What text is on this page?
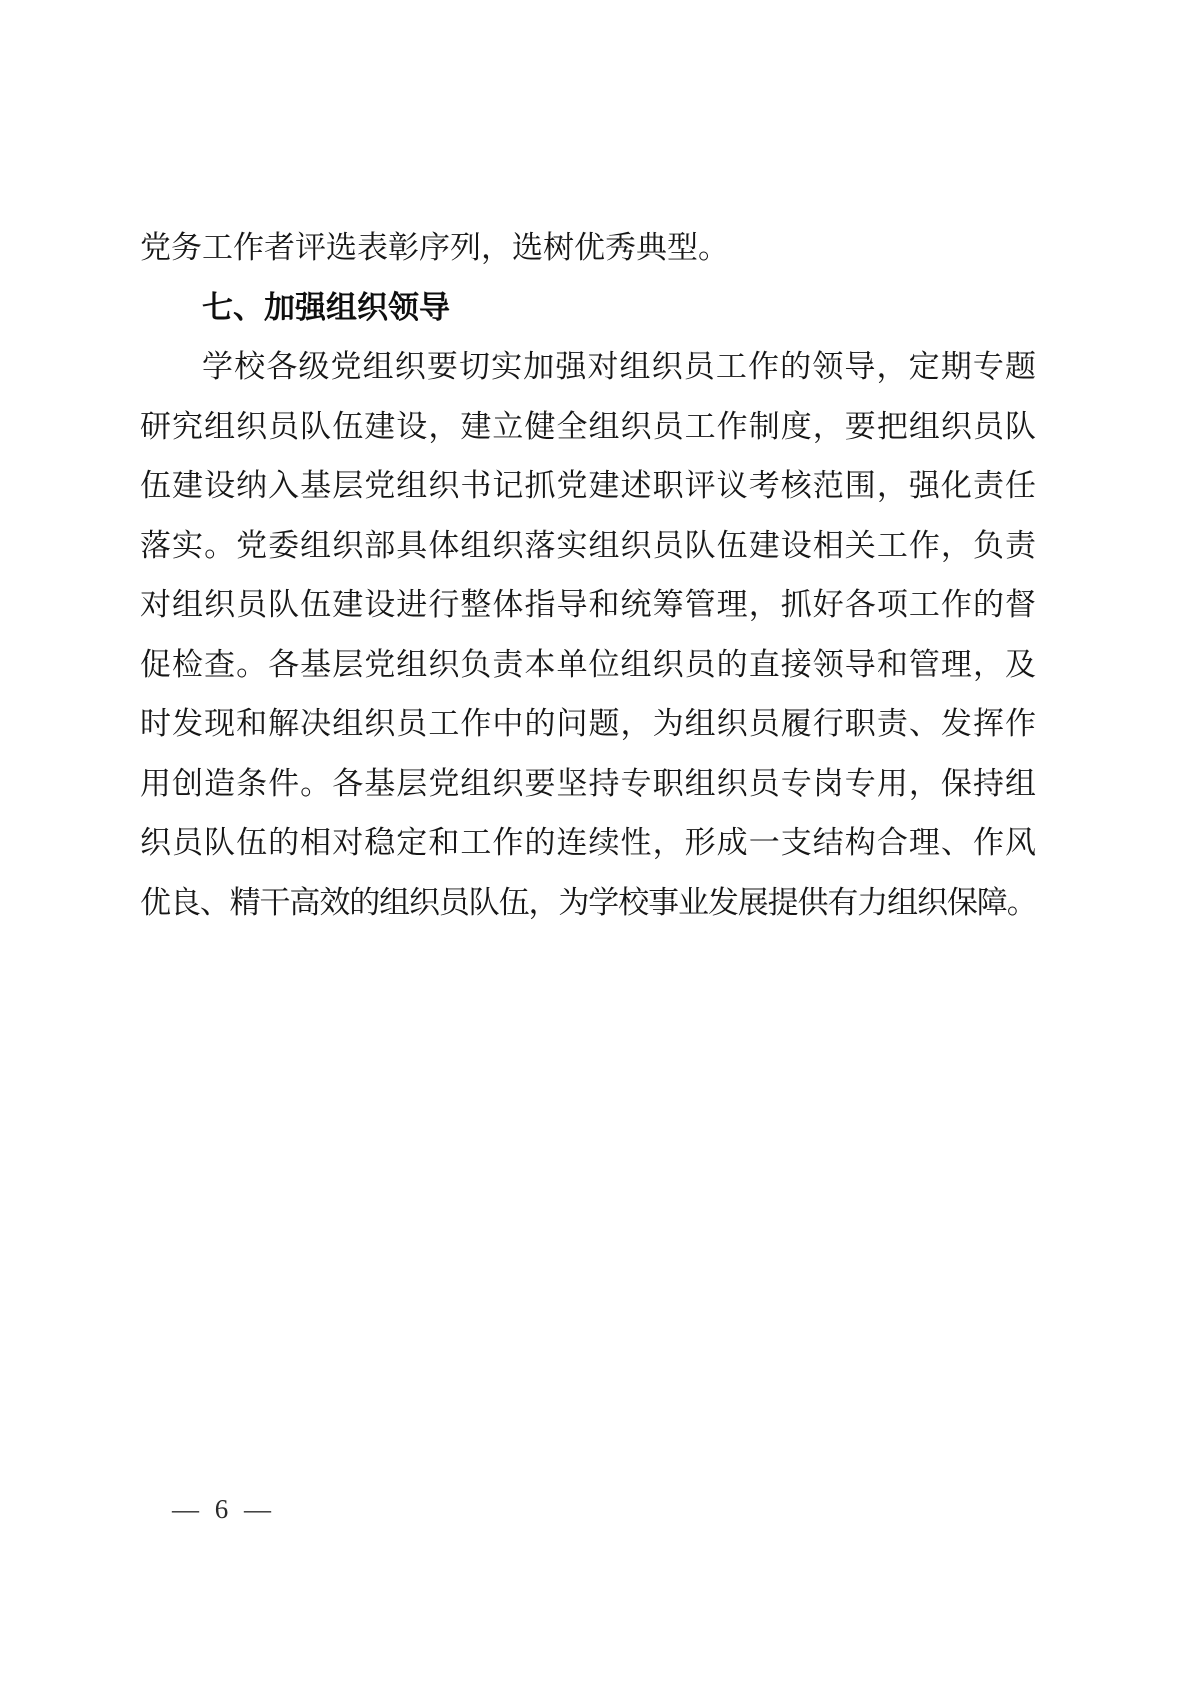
党务工作者评选表彰序列，选树优秀典型。
七、加强组织领导
学校各级党组织要切实加强对组织员工作的领导，定期专题
研究组织员队伍建设，建立健全组织员工作制度，要把组织员队
伍建设纳入基层党组织书记抓党建述职评议考核范围，强化责任
落实。党委组织部具体组织落实组织员队伍建设相关工作，负责
对组织员队伍建设进行整体指导和统筹管理，抓好各项工作的督
促检查。各基层党组织负责本单位组织员的直接领导和管理，及
时发现和解决组织员工作中的问题，为组织员履行职责、发挥作
用创造条件。各基层党组织要坚持专职组织员专岗专用，保持组
织员队伍的相对稳定和工作的连续性，形成一支结构合理、作风
优良、精干高效的组织员队伍，为学校事业发展提供有力组织保障。
— 6 —
